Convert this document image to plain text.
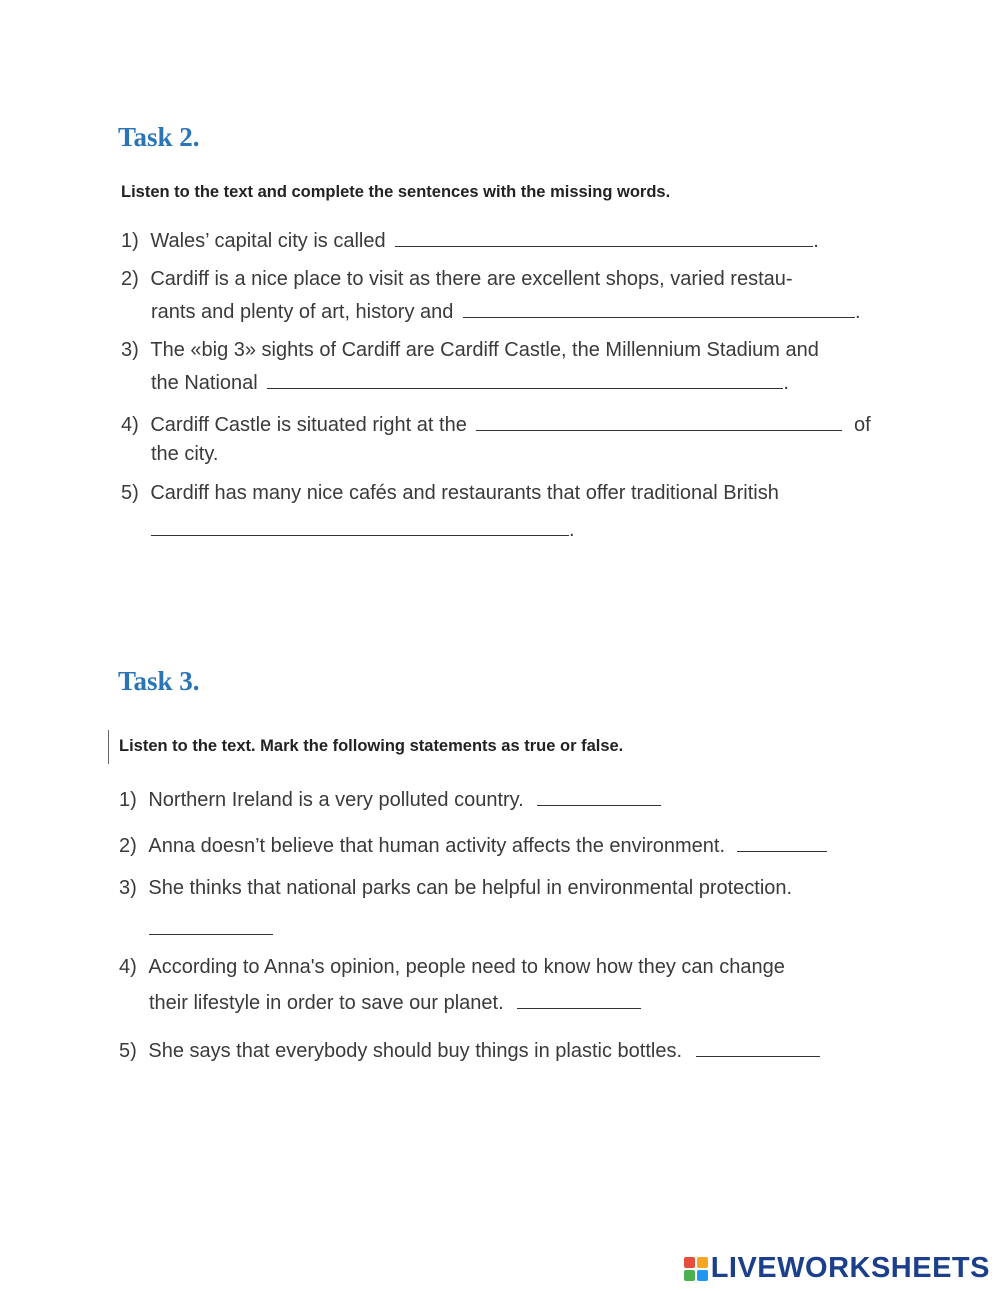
Task 2.
Listen to the text and complete the sentences with the missing words.
1) Wales’ capital city is called	.
2) Cardiff is a nice place to visit as there are excellent shops, varied restau-
rants and plenty of art, history and	.
3) The «big 3» sights of Cardiff are Cardiff Castle, the Millennium Stadium and
the National	.
4) Cardiff Castle is situated right at the	of
the city.
5) Cardiff has many nice cafés and restaurants that offer traditional British
.
Task 3.
Listen to the text. Mark the following statements as true or false.
1) Northern Ireland is a very polluted country.
2) Anna doesn’t believe that human activity affects the environment.
3) She thinks that national parks can be helpful in environmental protection.
4) According to Anna's opinion, people need to know how they can change
their lifestyle in order to save our planet.
5) She says that everybody should buy things in plastic bottles.
LIVEWORKSHEETS
